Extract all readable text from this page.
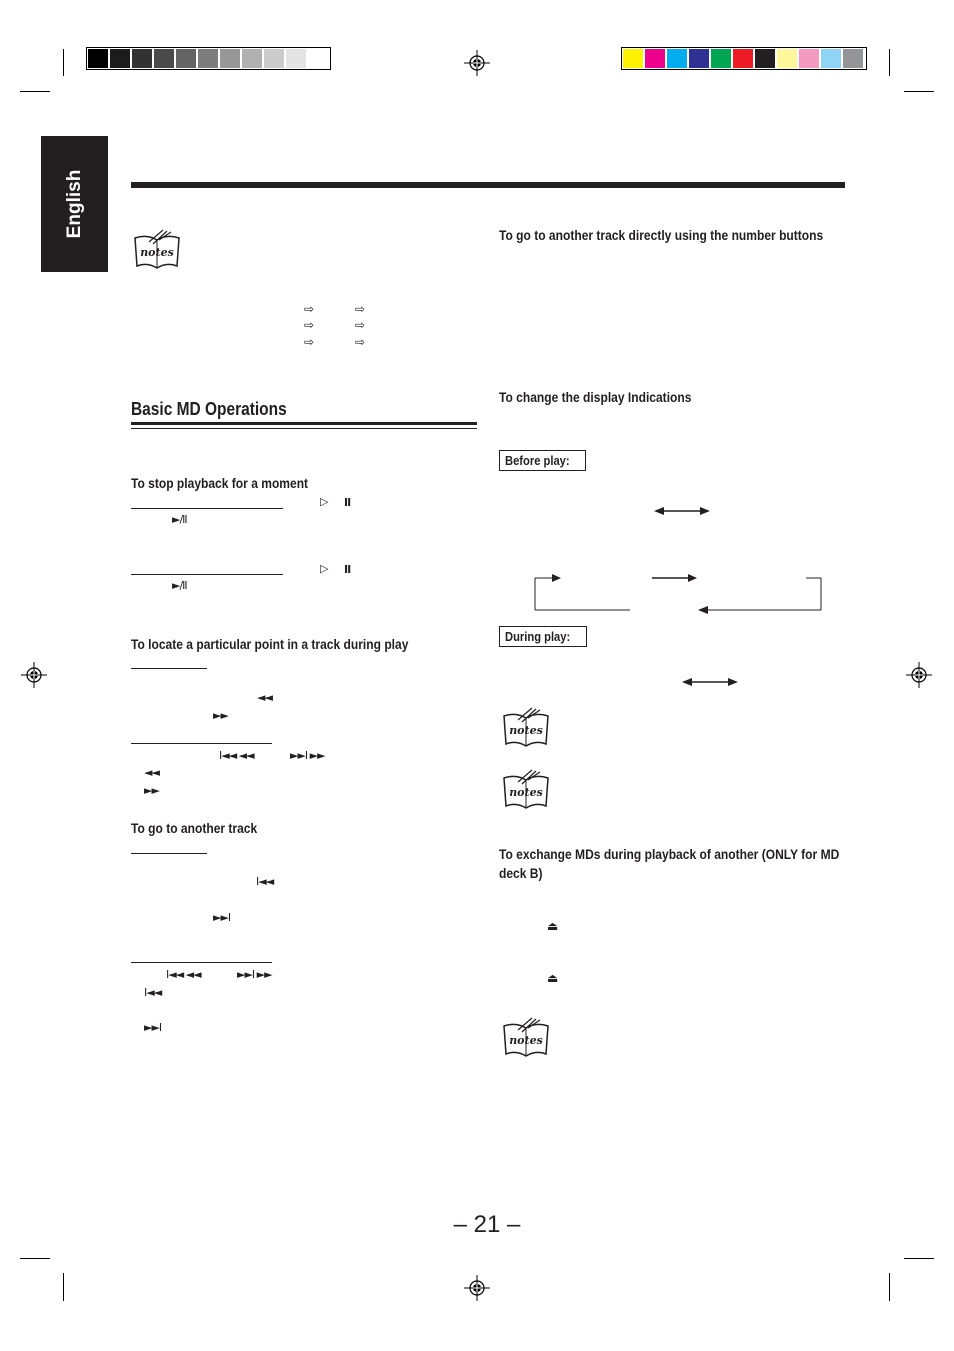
English
notes
⇨	⇨
⇨	⇨
⇨	⇨
Basic MD Operations
To stop playback for a moment
▷ II
►/II
▷ II
►/II
To locate a particular point in a track during play
◄◄
►►
I◄◄ ◄◄	►►I ►►
◄◄
►►
To go to another track
I◄◄
►►I
I◄◄ ◄◄	►►I ►►
I◄◄
►►I
To go to another track directly using the number buttons
To change the display Indications
Before play:
During play:
notes
notes
To exchange MDs during playback of another (ONLY for MD deck B)
⏏
⏏
notes
– 21 –
